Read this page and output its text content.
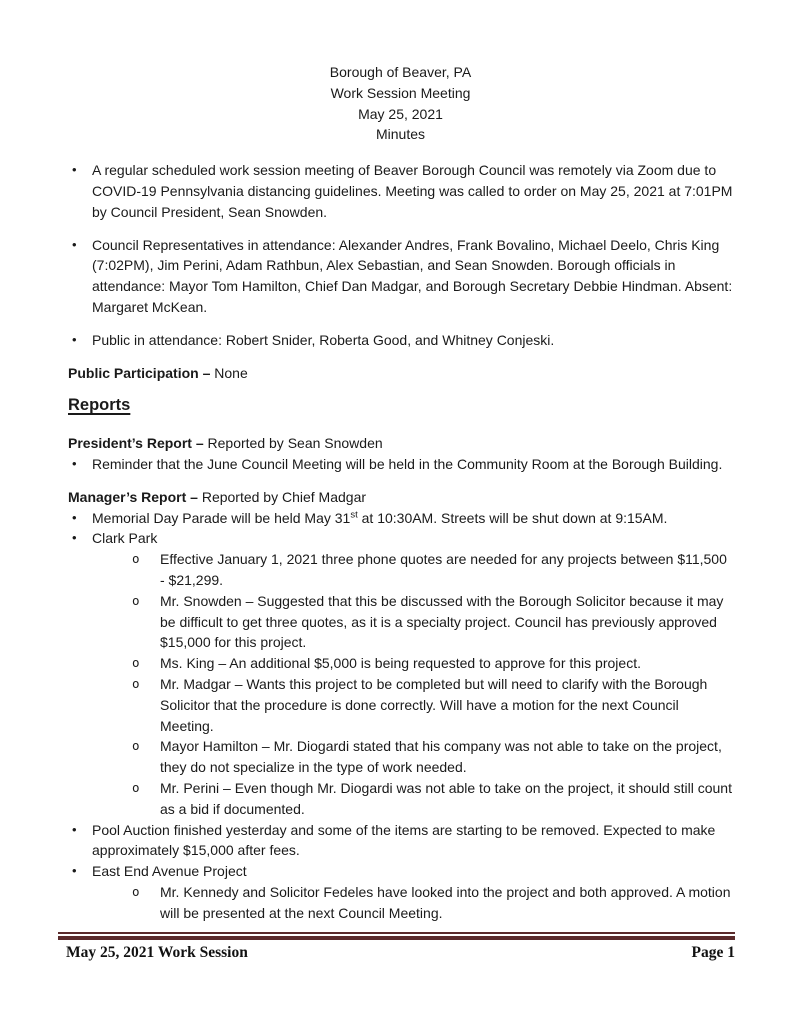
Borough of Beaver, PA
Work Session Meeting
May 25, 2021
Minutes
• A regular scheduled work session meeting of Beaver Borough Council was remotely via Zoom due to COVID-19 Pennsylvania distancing guidelines. Meeting was called to order on May 25, 2021 at 7:01PM by Council President, Sean Snowden.
• Council Representatives in attendance: Alexander Andres, Frank Bovalino, Michael Deelo, Chris King (7:02PM), Jim Perini, Adam Rathbun, Alex Sebastian, and Sean Snowden. Borough officials in attendance: Mayor Tom Hamilton, Chief Dan Madgar, and Borough Secretary Debbie Hindman. Absent: Margaret McKean.
• Public in attendance: Robert Snider, Roberta Good, and Whitney Conjeski.

Public Participation – None

Reports

President’s Report – Reported by Sean Snowden

• Reminder that the June Council Meeting will be held in the Community Room at the Borough Building.

Manager’s Report – Reported by Chief Madgar

• Memorial Day Parade will be held May 31st at 10:30AM. Streets will be shut down at 9:15AM.
• Clark Park
o Effective January 1, 2021 three phone quotes are needed for any projects between $11,500 - $21,299.
o Mr. Snowden – Suggested that this be discussed with the Borough Solicitor because it may be difficult to get three quotes, as it is a specialty project. Council has previously approved $15,000 for this project.
o Ms. King – An additional $5,000 is being requested to approve for this project.
o Mr. Madgar – Wants this project to be completed but will need to clarify with the Borough Solicitor that the procedure is done correctly. Will have a motion for the next Council Meeting.
o Mayor Hamilton – Mr. Diogardi stated that his company was not able to take on the project, they do not specialize in the type of work needed.
o Mr. Perini – Even though Mr. Diogardi was not able to take on the project, it should still count as a bid if documented.
• Pool Auction finished yesterday and some of the items are starting to be removed. Expected to make approximately $15,000 after fees.
• East End Avenue Project
o Mr. Kennedy and Solicitor Fedeles have looked into the project and both approved. A motion will be presented at the next Council Meeting.
May 25, 2021 Work Session	Page 1
